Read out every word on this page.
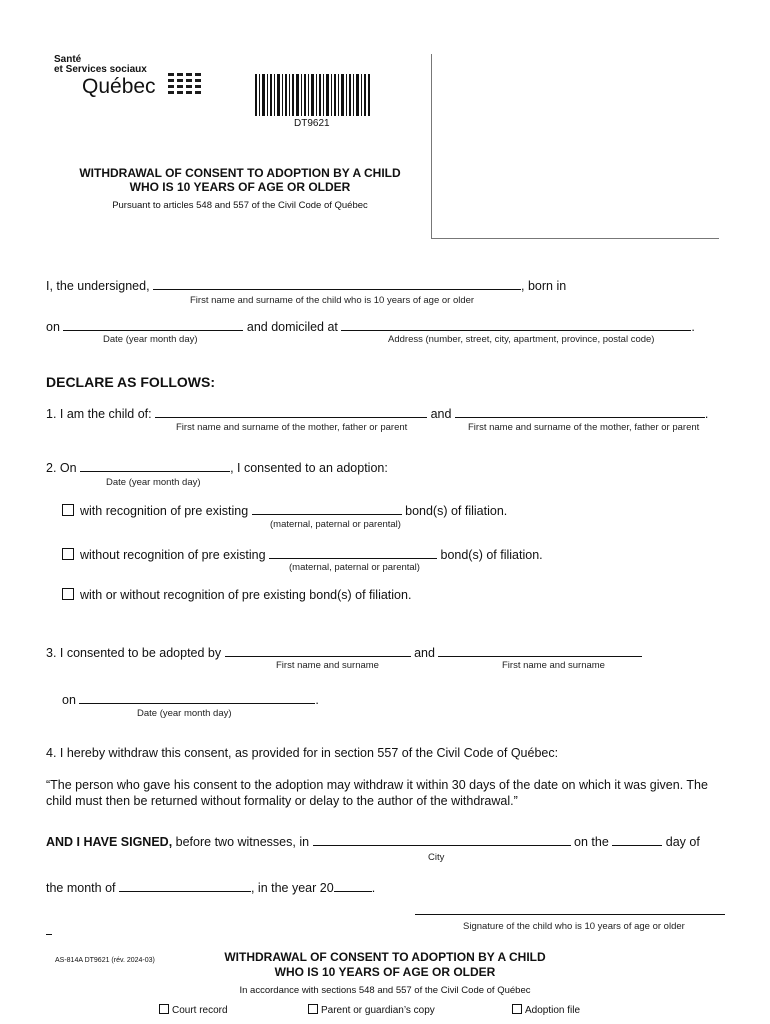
Santé
et Services sociaux
Québec
DT9621
WITHDRAWAL OF CONSENT TO ADOPTION BY A CHILD
WHO IS 10 YEARS OF AGE OR OLDER
Pursuant to articles 548 and 557 of the Civil Code of Québec
I, the undersigned,	, born in
First name and surname of the child who is 10 years of age or older
on	and domiciled at	.
Date (year month day)	Address (number, street, city, apartment, province, postal code)
DECLARE AS FOLLOWS:
1. I am the child of:	and	.
First name and surname of the mother, father or parent	First name and surname of the mother, father or parent
2. On	, I consented to an adoption:
Date (year month day)
with recognition of pre existing	bond(s) of filiation.
(maternal, paternal or parental)
without recognition of pre existing	bond(s) of filiation.
(maternal, paternal or parental)
with or without recognition of pre existing bond(s) of filiation.
3. I consented to be adopted by	and
First name and surname	First name and surname
on	.
Date (year month day)
4. I hereby withdraw this consent, as provided for in section 557 of the Civil Code of Québec:
“The person who gave his consent to the adoption may withdraw it within 30 days of the date on which it was given. The
child must then be returned without formality or delay to the author of the withdrawal.”
AND I HAVE SIGNED, before two witnesses, in	on the	day of
City
the month of	, in the year 20	.
Signature of the child who is 10 years of age or older
AS-814A DT9621 (rév. 2024-03)	WITHDRAWAL OF CONSENT TO ADOPTION BY A CHILD
WHO IS 10 YEARS OF AGE OR OLDER
In accordance with sections 548 and 557 of the Civil Code of Québec
Court record	Parent or guardian’s copy	Adoption file
